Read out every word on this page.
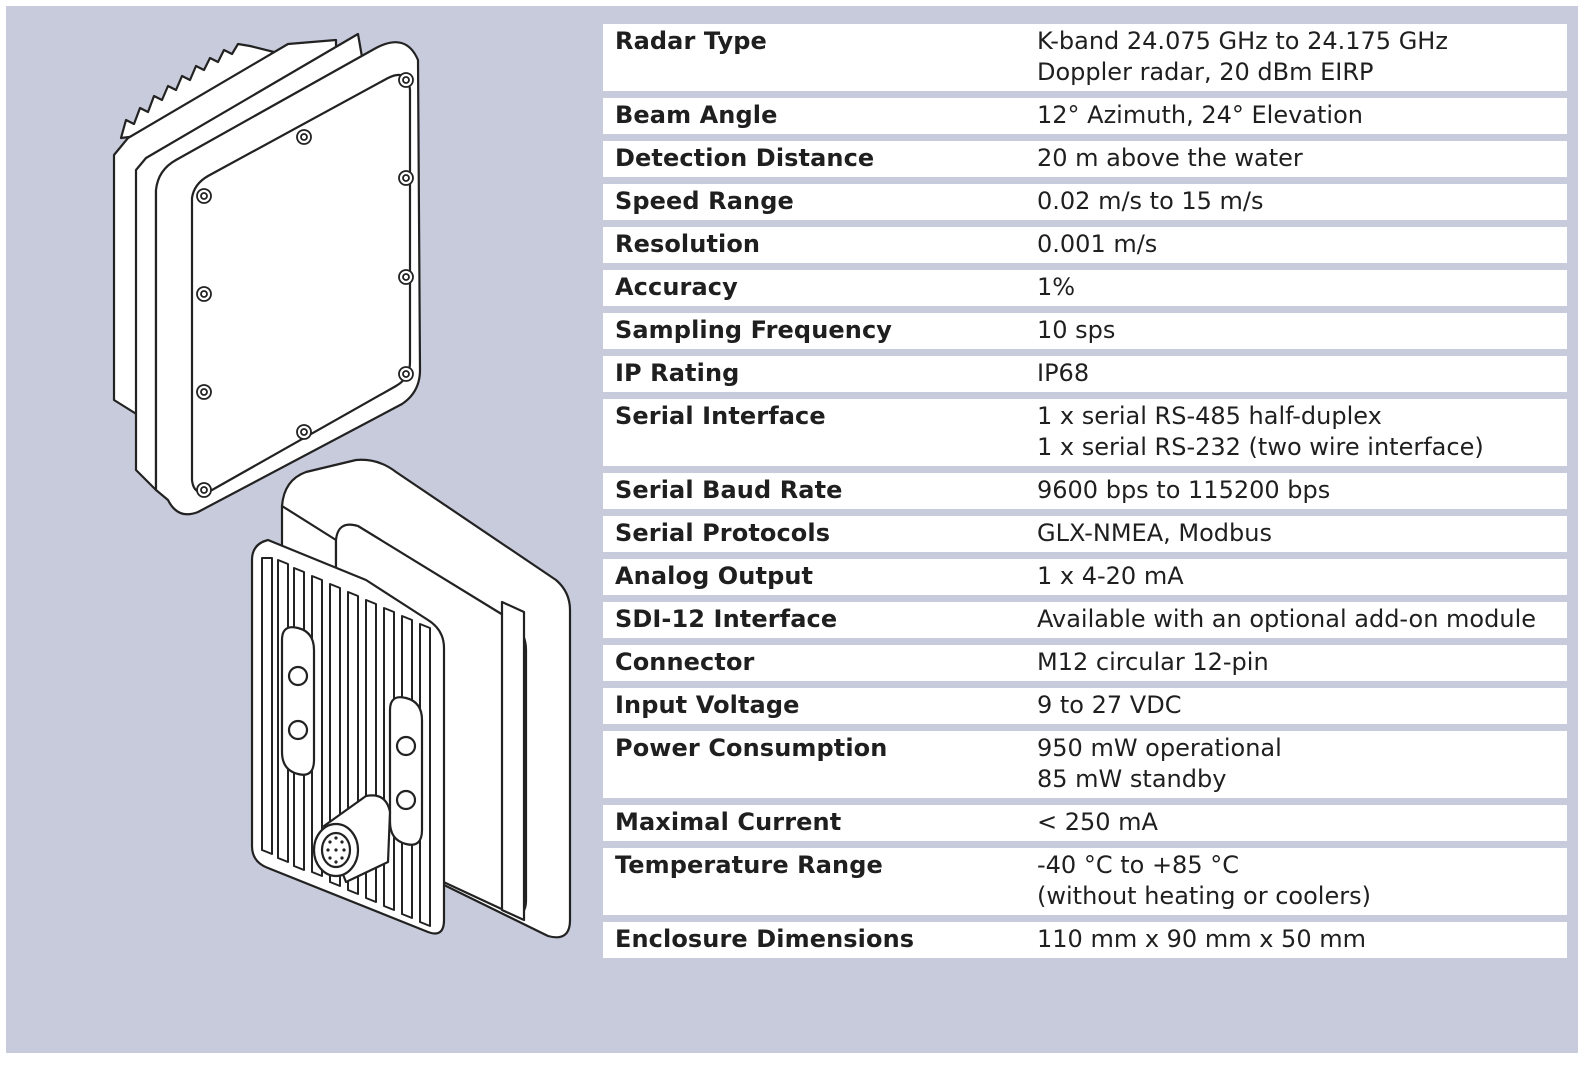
Radar Type	K-band 24.075 GHz to 24.175 GHz
Doppler radar, 20 dBm EIRP
Beam Angle	12° Azimuth, 24° Elevation
Detection Distance	20 m above the water
Speed Range	0.02 m/s to 15 m/s
Resolution	0.001 m/s
Accuracy	1%
Sampling Frequency	10 sps
IP Rating	IP68
Serial Interface	1 x serial RS-485 half-duplex
1 x serial RS-232 (two wire interface)
Serial Baud Rate	9600 bps to 115200 bps
Serial Protocols	GLX-NMEA, Modbus
Analog Output	1 x 4-20 mA
SDI-12 Interface	Available with an optional add-on module
Connector	M12 circular 12-pin
Input Voltage	9 to 27 VDC
Power Consumption	950 mW operational
85 mW standby
Maximal Current	< 250 mA
Temperature Range	-40 °C to +85 °C
(without heating or coolers)
Enclosure Dimensions	110 mm x 90 mm x 50 mm
